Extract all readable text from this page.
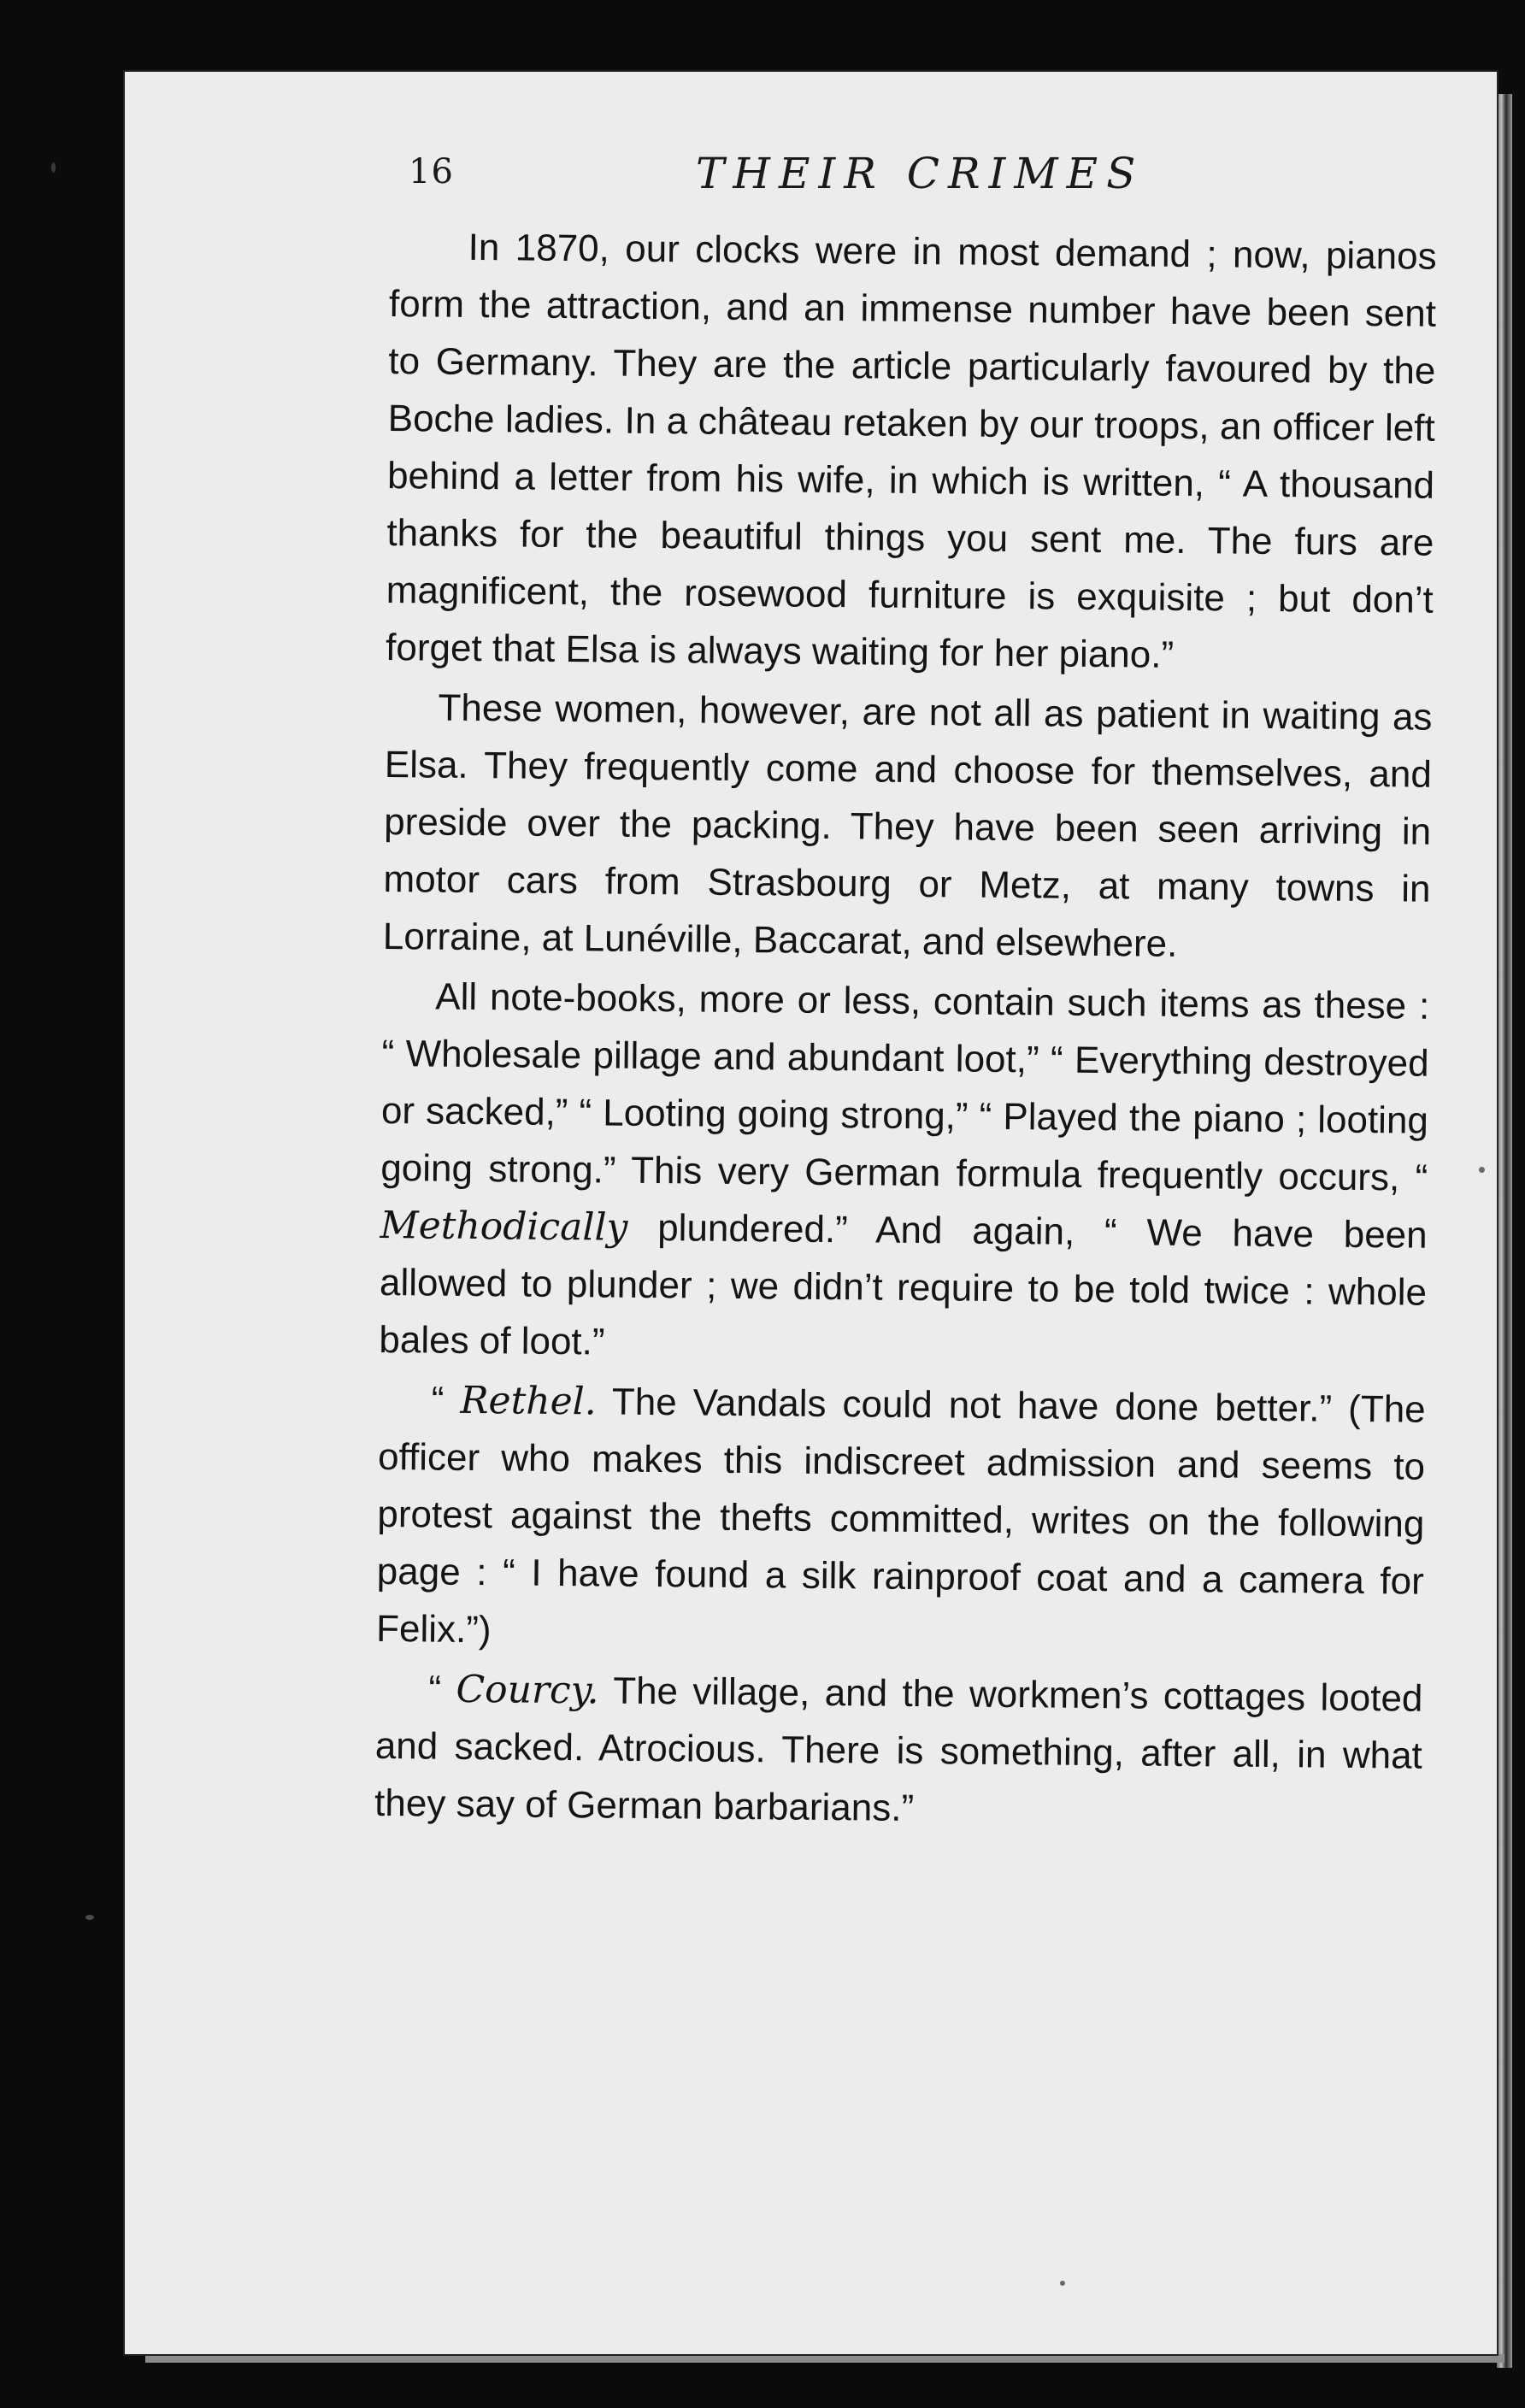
16	THEIR CRIMES

In 1870, our clocks were in most demand ; now, pianos form the attraction, and an immense number have been sent to Germany. They are the article particularly favoured by the Boche ladies. In a château retaken by our troops, an officer left behind a letter from his wife, in which is written, “ A thousand thanks for the beautiful things you sent me. The furs are magnificent, the rosewood furniture is exquisite ; but don’t forget that Elsa is always waiting for her piano.”

These women, however, are not all as patient in waiting as Elsa. They frequently come and choose for themselves, and preside over the packing. They have been seen arriving in motor cars from Strasbourg or Metz, at many towns in Lorraine, at Lunéville, Baccarat, and elsewhere.

All note-books, more or less, contain such items as these : “ Wholesale pillage and abundant loot,” “ Everything destroyed or sacked,” “ Looting going strong,” “ Played the piano ; looting going strong.” This very German formula frequently occurs, “ Methodically plundered.” And again, “ We have been allowed to plunder ; we didn’t require to be told twice : whole bales of loot.”

“ Rethel. The Vandals could not have done better.” (The officer who makes this indiscreet admission and seems to protest against the thefts committed, writes on the following page : “ I have found a silk rainproof coat and a camera for Felix.”)

“ Courcy. The village, and the workmen’s cottages looted and sacked. Atrocious. There is something, after all, in what they say of German barbarians.”
